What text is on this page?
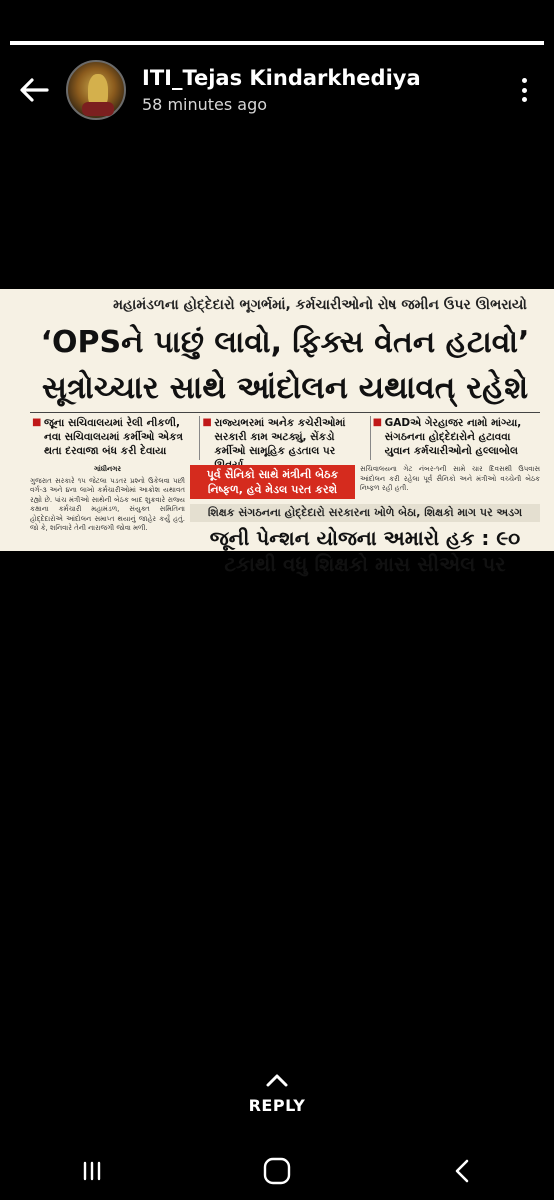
ITI_Tejas Kindarkhediya
58 minutes ago
મહામંડળના હોદ્દેદારો ભૂગર્ભમાં, કર્મચારીઓનો રોષ જમીન ઉપર ઊભરાયો
‘OPSને પાછું લાવો, ફિક્સ વેતન હટાવો’
સૂત્રોચ્ચાર સાથે આંદોલન યથાવત્ રહેશે
■ જૂના સચિવાલયમાં રેલી નીકળી, નવા સચિવાલયમાં કર્મીઓ એકત્ર થતા દરવાજા બંધ કરી દેવાયા
■ રાજ્યભરમાં અનેક કચેરીઓમાં સરકારી કામ અટક્યું, સેંકડો કર્મીઓ સામૂહિક હડતાલ પર
■ GADએ ગેરહાજર નામો માંગ્યા, સંગઠનના હોદ્દેદારોને હટાવવા યુવાન કર્મચારીઓનો હલ્લાબોલ
ગાંધીનગર
ગુજરાત સરકારે ૧૫ જેટલા પડતર પ્રશ્નો ઉકેલવા પછી વર્ગ-૩ અને ૪ના લાખો કર્મચારીઓમાં આક્રોશ યથાવત રહ્યો છે. પાંચ મંત્રીઓ સાથેની બેઠક બાદ શુક્રવારે રાજ્ય કક્ષાના કર્મચારી મહામંડળ, સંયુક્ત સમિતિના હોદ્દેદારોએ આંદોલન સમાપ્ત થયાનું જાહેર કર્યું હતું. જો કે, શનિવારે તેની નારાજગી જોવા મળી.
પૂર્વ સૈનિકો સાથે મંત્રીની બેઠક નિષ્ફળ, હવે મેડલ પરત કરશે
સચિવાલયના ગેટ નંબર-૧ની સામે ચાર દિવસથી ઉપવાસ આંદોલન કરી રહેલા પૂર્વ સૈનિકો અને મંત્રીઓ વચ્ચેની બેઠક નિષ્ફળ રહી હતી.
શિક્ષક સંગઠનના હોદ્દેદારો સરકારના ખોળે બેઠા, શિક્ષકો માગ પર અડગ
જૂની પેન્શન યોજના અમારો હક : ૯૦
ટકાથી વધુ શિક્ષકો માસ સીએલ પર
REPLY
